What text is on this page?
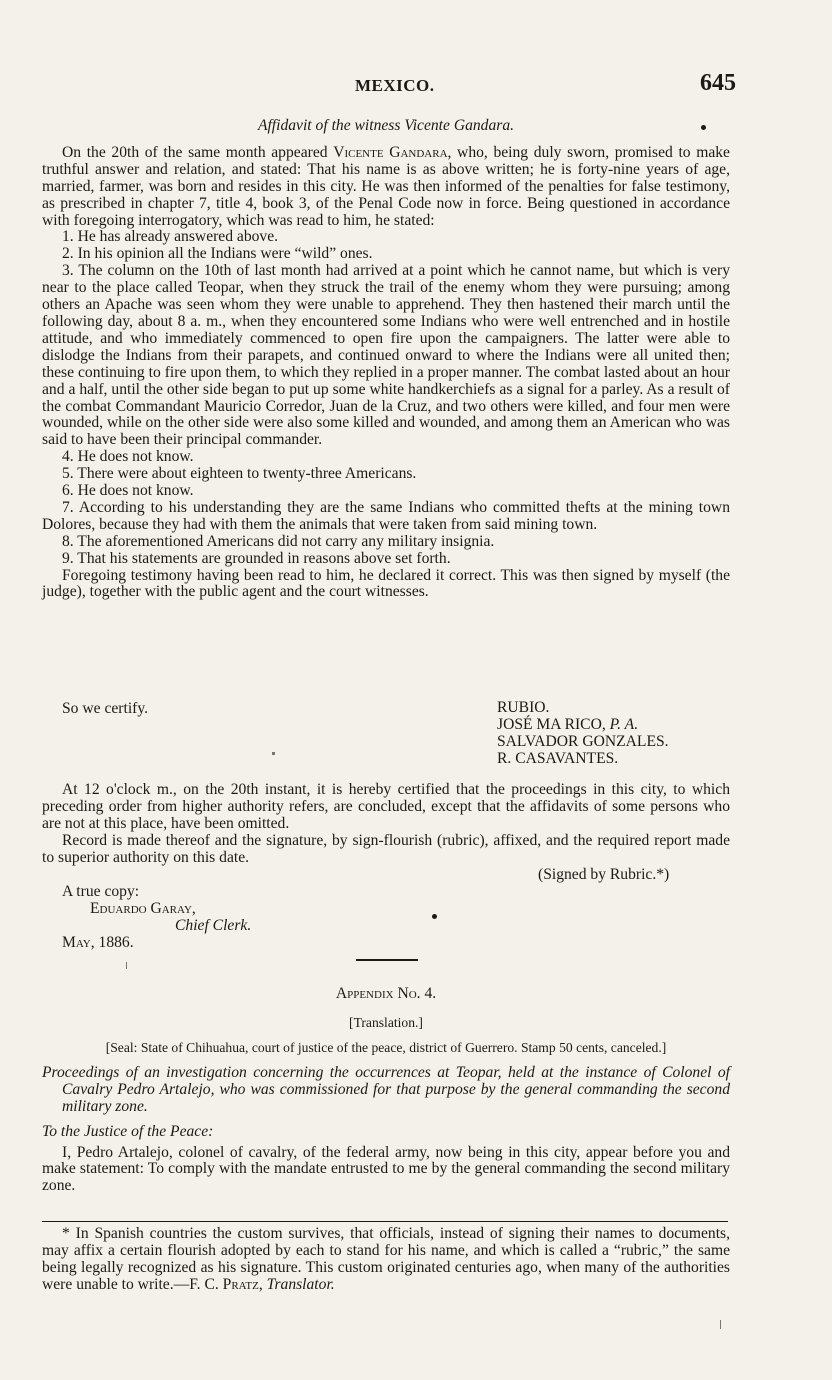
MEXICO.	645

Affidavit of the witness Vicente Gandara.

On the 20th of the same month appeared Vicente Gandara, who, being duly sworn, promised to make truthful answer and relation, and stated: That his name is as above written; he is forty-nine years of age, married, farmer, was born and resides in this city. He was then informed of the penalties for false testimony, as prescribed in chapter 7, title 4, book 3, of the Penal Code now in force. Being questioned in accordance with foregoing interrogatory, which was read to him, he stated:

1. He has already answered above.

2. In his opinion all the Indians were “wild” ones.

3. The column on the 10th of last month had arrived at a point which he cannot name, but which is very near to the place called Teopar, when they struck the trail of the enemy whom they were pursuing; among others an Apache was seen whom they were unable to apprehend. They then hastened their march until the following day, about 8 a. m., when they encountered some Indians who were well entrenched and in hostile attitude, and who immediately commenced to open fire upon the campaigners. The latter were able to dislodge the Indians from their parapets, and continued onward to where the Indians were all united then; these continuing to fire upon them, to which they replied in a proper manner. The combat lasted about an hour and a half, until the other side began to put up some white handkerchiefs as a signal for a parley. As a result of the combat Commandant Mauricio Corredor, Juan de la Cruz, and two others were killed, and four men were wounded, while on the other side were also some killed and wounded, and among them an American who was said to have been their principal commander.

4. He does not know.

5. There were about eighteen to twenty-three Americans.

6. He does not know.

7. According to his understanding they are the same Indians who committed thefts at the mining town Dolores, because they had with them the animals that were taken from said mining town.

8. The aforementioned Americans did not carry any military insignia.

9. That his statements are grounded in reasons above set forth.

Foregoing testimony having been read to him, he declared it correct. This was then signed by myself (the judge), together with the public agent and the court witnesses.

So we certify.	RUBIO.
JOSÉ MA RICO, P. A.
SALVADOR GONZALES.
R. CASAVANTES.

At 12 o'clock m., on the 20th instant, it is hereby certified that the proceedings in this city, to which preceding order from higher authority refers, are concluded, except that the affidavits of some persons who are not at this place, have been omitted.

Record is made thereof and the signature, by sign-flourish (rubric), affixed, and the required report made to superior authority on this date.

(Signed by Rubric.*)
A true copy:
Eduardo Garay,
Chief Clerk.
May, 1886.

Appendix No. 4.

[Translation.]

[Seal: State of Chihuahua, court of justice of the peace, district of Guerrero. Stamp 50 cents, canceled.]

Proceedings of an investigation concerning the occurrences at Teopar, held at the instance of Colonel of Cavalry Pedro Artalejo, who was commissioned for that purpose by the general commanding the second military zone.

To the Justice of the Peace:

I, Pedro Artalejo, colonel of cavalry, of the federal army, now being in this city, appear before you and make statement: To comply with the mandate entrusted to me by the general commanding the second military zone.

* In Spanish countries the custom survives, that officials, instead of signing their names to documents, may affix a certain flourish adopted by each to stand for his name, and which is called a “rubric,” the same being legally recognized as his signature. This custom originated centuries ago, when many of the authorities were unable to write.—F. C. Pratz, Translator.
